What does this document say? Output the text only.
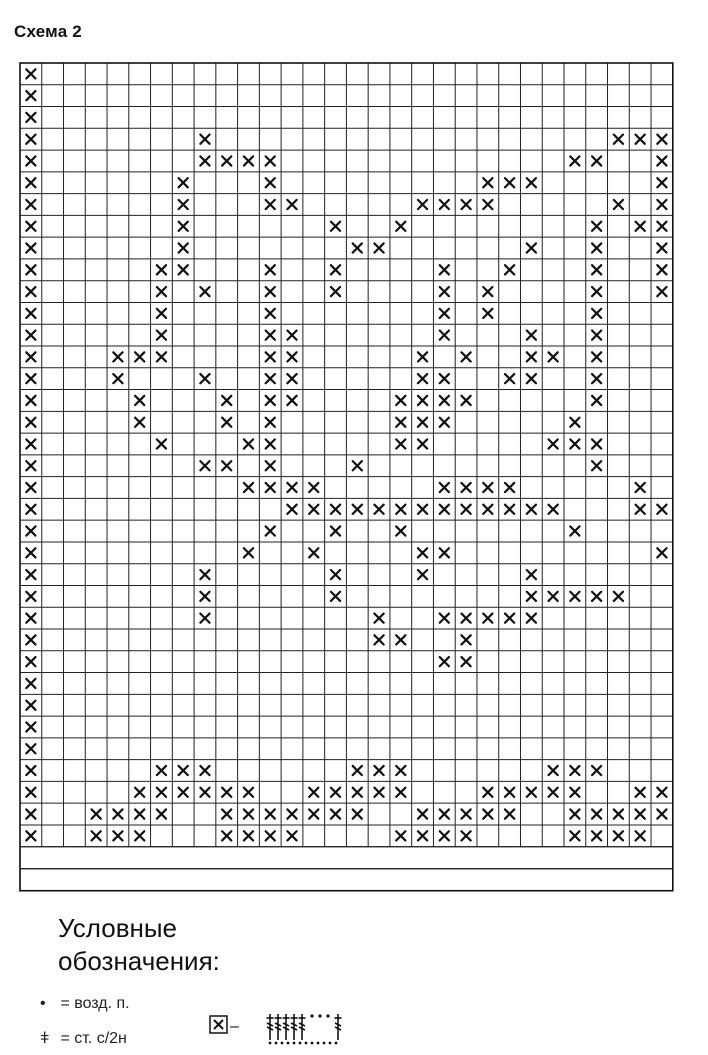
Схема 2
Условные
обозначения:
• = возд. п.
ǂ = ст. с/2н
–
